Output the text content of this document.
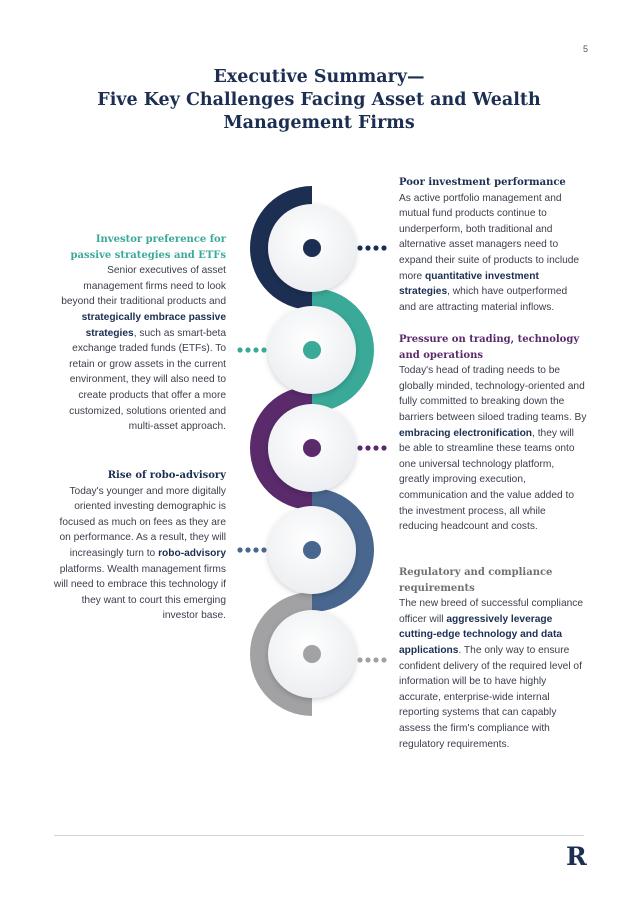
5
Executive Summary—
Five Key Challenges Facing Asset and Wealth
Management Firms
Investor preference for passive strategies and ETFs
Senior executives of asset management firms need to look beyond their traditional products and strategically embrace passive strategies, such as smart-beta exchange traded funds (ETFs). To retain or grow assets in the current environment, they will also need to create products that offer a more customized, solutions oriented and multi-asset approach.
Rise of robo-advisory
Today's younger and more digitally oriented investing demographic is focused as much on fees as they are on performance. As a result, they will increasingly turn to robo-advisory platforms. Wealth management firms will need to embrace this technology if they want to court this emerging investor base.
Poor investment performance
As active portfolio management and mutual fund products continue to underperform, both traditional and alternative asset managers need to expand their suite of products to include more quantitative investment strategies, which have outperformed and are attracting material inflows.
Pressure on trading, technology and operations
Today's head of trading needs to be globally minded, technology-oriented and fully committed to breaking down the barriers between siloed trading teams. By embracing electronification, they will be able to streamline these teams onto one universal technology platform, greatly improving execution, communication and the value added to the investment process, all while reducing headcount and costs.
Regulatory and compliance requirements
The new breed of successful compliance officer will aggressively leverage cutting-edge technology and data applications. The only way to ensure confident delivery of the required level of information will be to have highly accurate, enterprise-wide internal reporting systems that can capably assess the firm's compliance with regulatory requirements.
R
